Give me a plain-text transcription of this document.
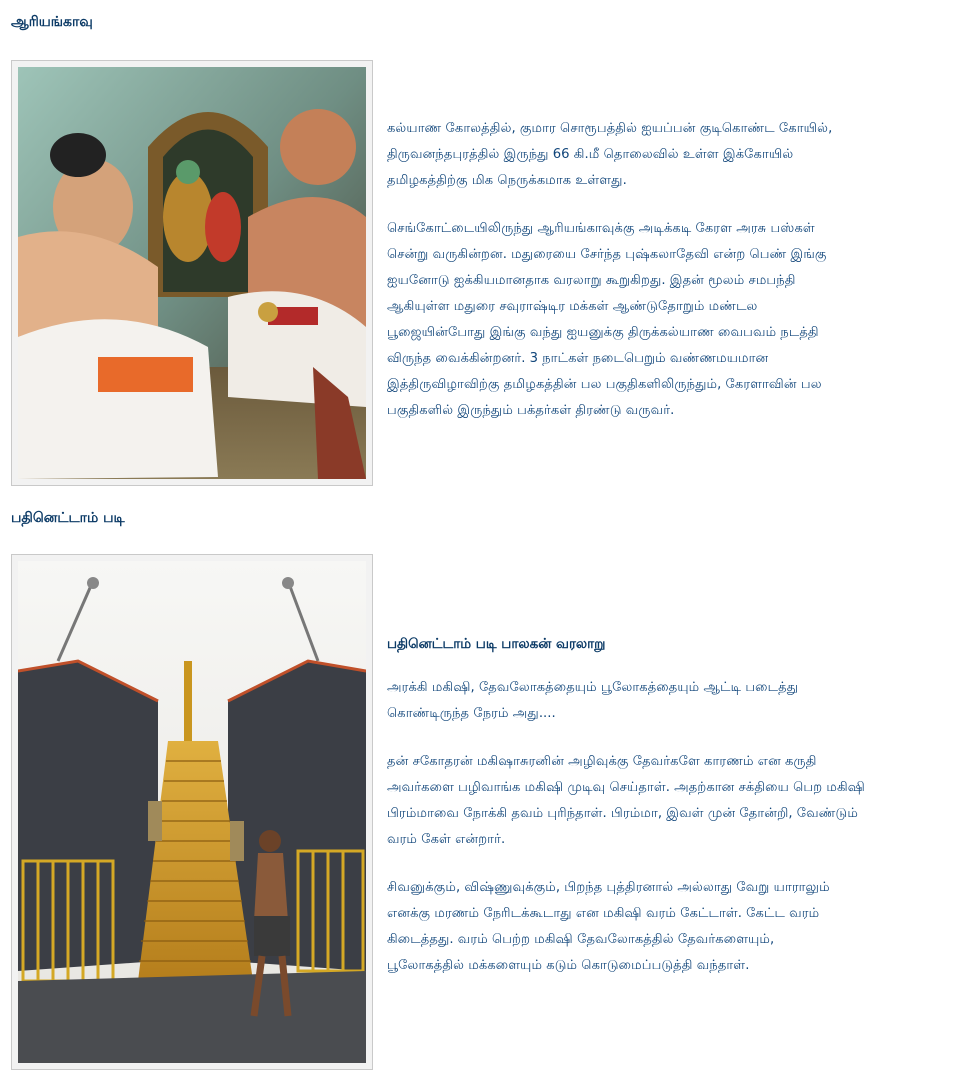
ஆரியங்காவு

கல்யாண கோலத்தில், குமார சொரூபத்தில் ஐயப்பன் குடிகொண்ட கோயில்,
திருவனந்தபுரத்தில் இருந்து 66 கி.மீ தொலைவில் உள்ள இக்கோயில்
தமிழகத்திற்கு மிக நெருக்கமாக உள்ளது.

செங்கோட்டையிலிருந்து ஆரியங்காவுக்கு அடிக்கடி கேரள அரசு பஸ்கள்
சென்று வருகின்றன. மதுரையை சேர்ந்த புஷ்கலாதேவி என்ற பெண் இங்கு
ஐயனோடு ஐக்கியமானதாக வரலாறு கூறுகிறது. இதன் மூலம் சமபந்தி
ஆகியுள்ள மதுரை சவுராஷ்டிர மக்கள் ஆண்டுதோறும் மண்டல
பூஜையின்போது இங்கு வந்து ஐயனுக்கு திருக்கல்யாண வைபவம் நடத்தி
விருந்த வைக்கின்றனர். 3 நாட்கள் நடைபெறும் வண்ணமயமான
இத்திருவிழாவிற்கு தமிழகத்தின் பல பகுதிகளிலிருந்தும், கேரளாவின் பல
பகுதிகளில் இருந்தும் பக்தர்கள் திரண்டு வருவர்.

பதினெட்டாம் படி

பதினெட்டாம் படி பாலகன் வரலாறு

அரக்கி மகிஷி, தேவலோகத்தையும் பூலோகத்தையும் ஆட்டி படைத்து
கொண்டிருந்த நேரம் அது....

தன் சகோதரன் மகிஷாசுரனின் அழிவுக்கு தேவர்களே காரணம் என கருதி
அவர்களை பழிவாங்க மகிஷி முடிவு செய்தாள். அதற்கான சக்தியை பெற மகிஷி
பிரம்மாவை நோக்கி தவம் புரிந்தாள். பிரம்மா, இவள் முன் தோன்றி, வேண்டும்
வரம் கேள் என்றார்.

சிவனுக்கும், விஷ்ணுவுக்கும், பிறந்த புத்திரனால் அல்லாது வேறு யாராலும்
எனக்கு மரணம் நேரிடக்கூடாது என மகிஷி வரம் கேட்டாள். கேட்ட வரம்
கிடைத்தது. வரம் பெற்ற மகிஷி தேவலோகத்தில் தேவர்களையும்,
பூலோகத்தில் மக்களையும் கடும் கொடுமைப்படுத்தி வந்தாள்.
